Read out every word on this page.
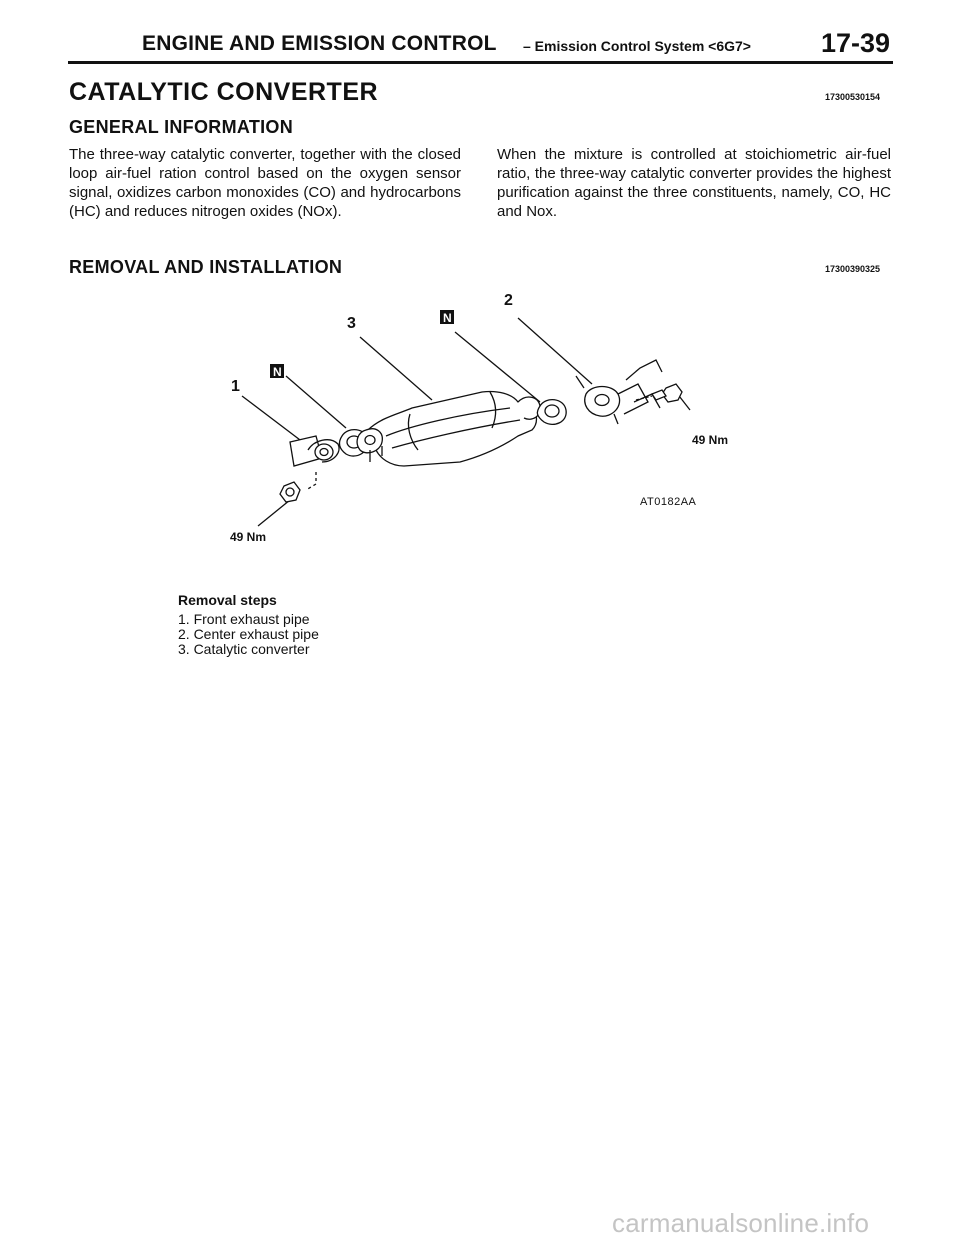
ENGINE AND EMISSION CONTROL – Emission Control System <6G7>	17-39
CATALYTIC CONVERTER	17300530154
GENERAL INFORMATION

The three-way catalytic converter, together with the closed loop air-fuel ration control based on the oxygen sensor signal, oxidizes carbon monoxides (CO) and hydrocarbons (HC) and reduces nitrogen oxides (NOx).

When the mixture is controlled at stoichiometric air-fuel ratio, the three-way catalytic converter provides the highest purification against the three constituents, namely, CO, HC and Nox.

REMOVAL AND INSTALLATION	17300390325
N
N
1
2
3
49 Nm
49 Nm
AT0182AA
Removal steps
1. Front exhaust pipe
2. Center exhaust pipe
3. Catalytic converter
carmanualsonline.info
